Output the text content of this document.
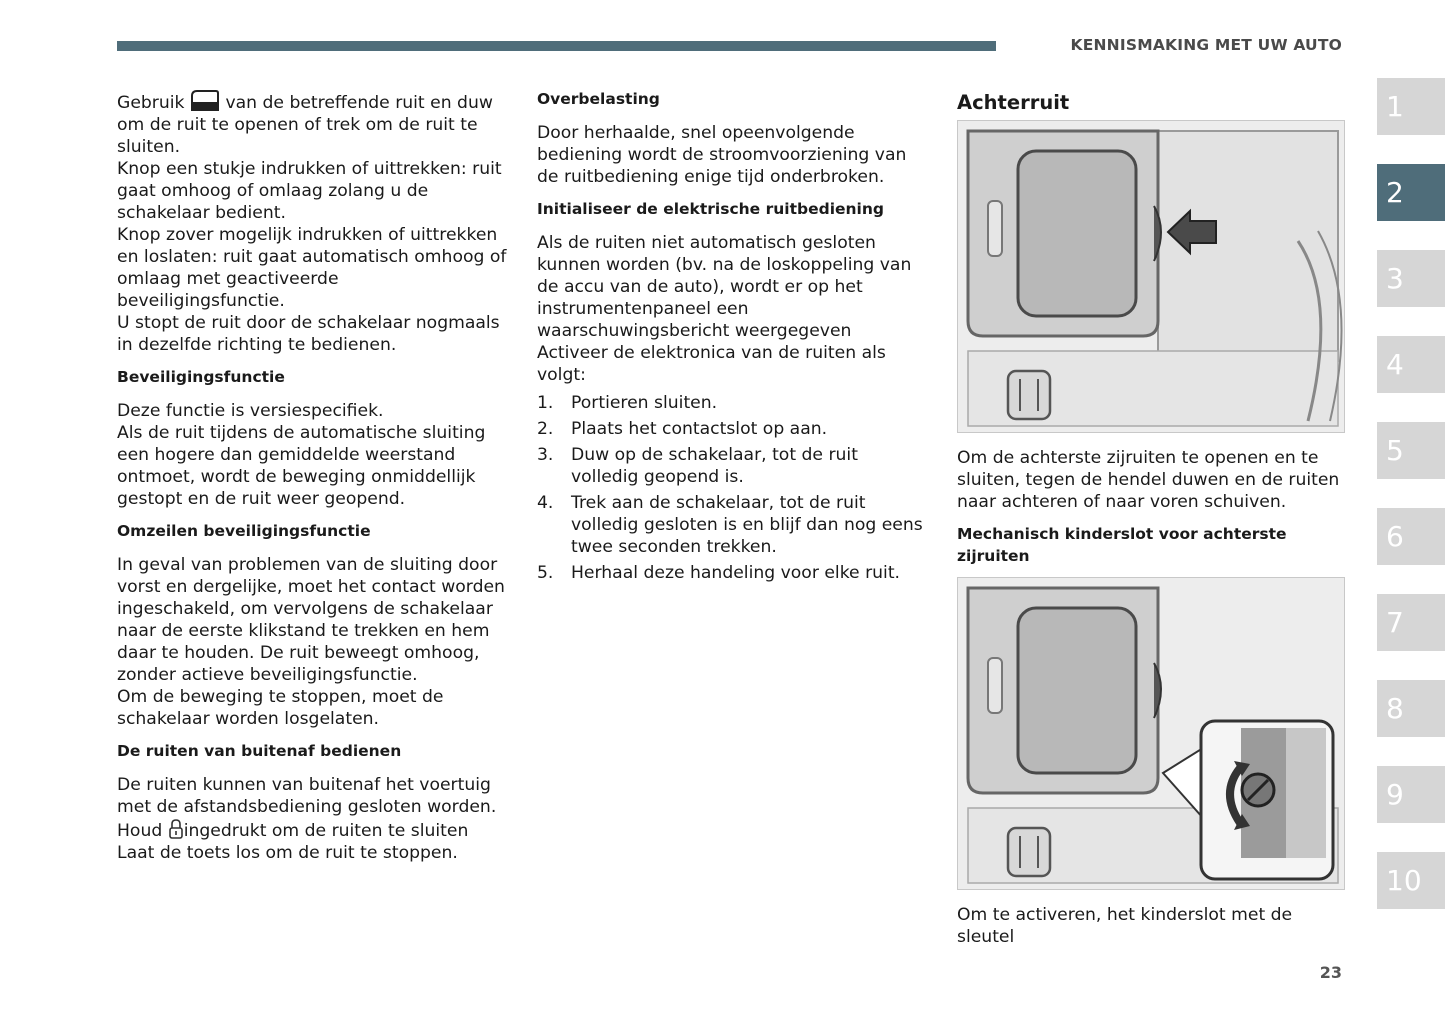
KENNISMAKING MET UW AUTO

Gebruik van de betreffende ruit en duw om de ruit te openen of trek om de ruit te sluiten.
Knop een stukje indrukken of uittrekken: ruit gaat omhoog of omlaag zolang u de schakelaar bedient.
Knop zover mogelijk indrukken of uittrekken en loslaten: ruit gaat automatisch omhoog of omlaag met geactiveerde beveiligingsfunctie.
U stopt de ruit door de schakelaar nogmaals in dezelfde richting te bedienen.

Beveiligingsfunctie

Deze functie is versiespecifiek.
Als de ruit tijdens de automatische sluiting een hogere dan gemiddelde weerstand ontmoet, wordt de beweging onmiddellijk gestopt en de ruit weer geopend.

Omzeilen beveiligingsfunctie

In geval van problemen van de sluiting door vorst en dergelijke, moet het contact worden ingeschakeld, om vervolgens de schakelaar naar de eerste klikstand te trekken en hem daar te houden. De ruit beweegt omhoog, zonder actieve beveiligingsfunctie.
Om de beweging te stoppen, moet de schakelaar worden losgelaten.

De ruiten van buitenaf bedienen

De ruiten kunnen van buitenaf het voertuig met de afstandsbediening gesloten worden.
Houd ingedrukt om de ruiten te sluiten
Laat de toets los om de ruit te stoppen.

Overbelasting

Door herhaalde, snel opeenvolgende bediening wordt de stroomvoorziening van de ruitbediening enige tijd onderbroken.

Initialiseer de elektrische ruitbediening

Als de ruiten niet automatisch gesloten kunnen worden (bv. na de loskoppeling van de accu van de auto), wordt er op het instrumentenpaneel een waarschuwingsbericht weergegeven
Activeer de elektronica van de ruiten als volgt:

1. Portieren sluiten.
2. Plaats het contactslot op aan.
3. Duw op de schakelaar, tot de ruit volledig geopend is.
4. Trek aan de schakelaar, tot de ruit volledig gesloten is en blijf dan nog eens twee seconden trekken.
5. Herhaal deze handeling voor elke ruit.
Achterruit

Om de achterste zijruiten te openen en te sluiten, tegen de hendel duwen en de ruiten naar achteren of naar voren schuiven.

Mechanisch kinderslot voor achterste zijruiten

Om te activeren, het kinderslot met de sleutel

1
2
3
4
5
6
7
8
9
10
23
